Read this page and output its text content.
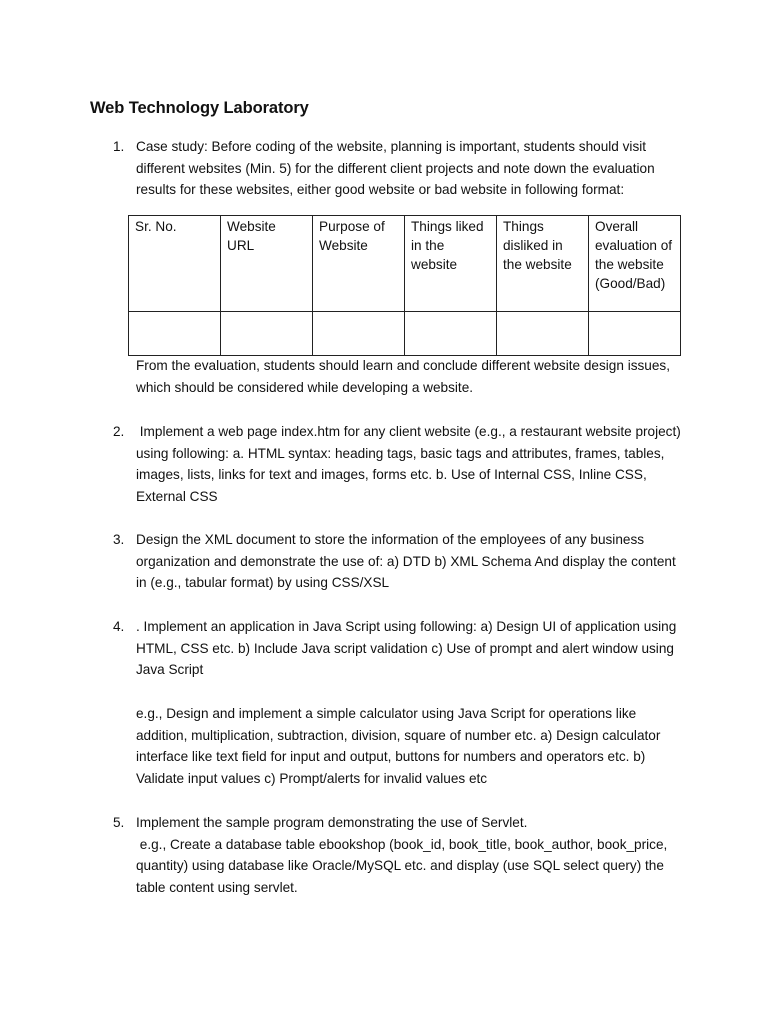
Web Technology Laboratory
1. Case study: Before coding of the website, planning is important, students should visit different websites (Min. 5) for the different client projects and note down the evaluation results for these websites, either good website or bad website in following format:

Sr. No.	Website URL	Purpose of Website	Things liked in the website	Things disliked in the website	Overall evaluation of the website (Good/Bad)

From the evaluation, students should learn and conclude different website design issues, which should be considered while developing a website.

2. Implement a web page index.htm for any client website (e.g., a restaurant website project) using following: a. HTML syntax: heading tags, basic tags and attributes, frames, tables, images, lists, links for text and images, forms etc. b. Use of Internal CSS, Inline CSS, External CSS

3. Design the XML document to store the information of the employees of any business organization and demonstrate the use of: a) DTD b) XML Schema And display the content in (e.g., tabular format) by using CSS/XSL

4. . Implement an application in Java Script using following: a) Design UI of application using HTML, CSS etc. b) Include Java script validation c) Use of prompt and alert window using Java Script

e.g., Design and implement a simple calculator using Java Script for operations like addition, multiplication, subtraction, division, square of number etc. a) Design calculator interface like text field for input and output, buttons for numbers and operators etc. b) Validate input values c) Prompt/alerts for invalid values etc

5. Implement the sample program demonstrating the use of Servlet.

e.g., Create a database table ebookshop (book_id, book_title, book_author, book_price, quantity) using database like Oracle/MySQL etc. and display (use SQL select query) the table content using servlet.
